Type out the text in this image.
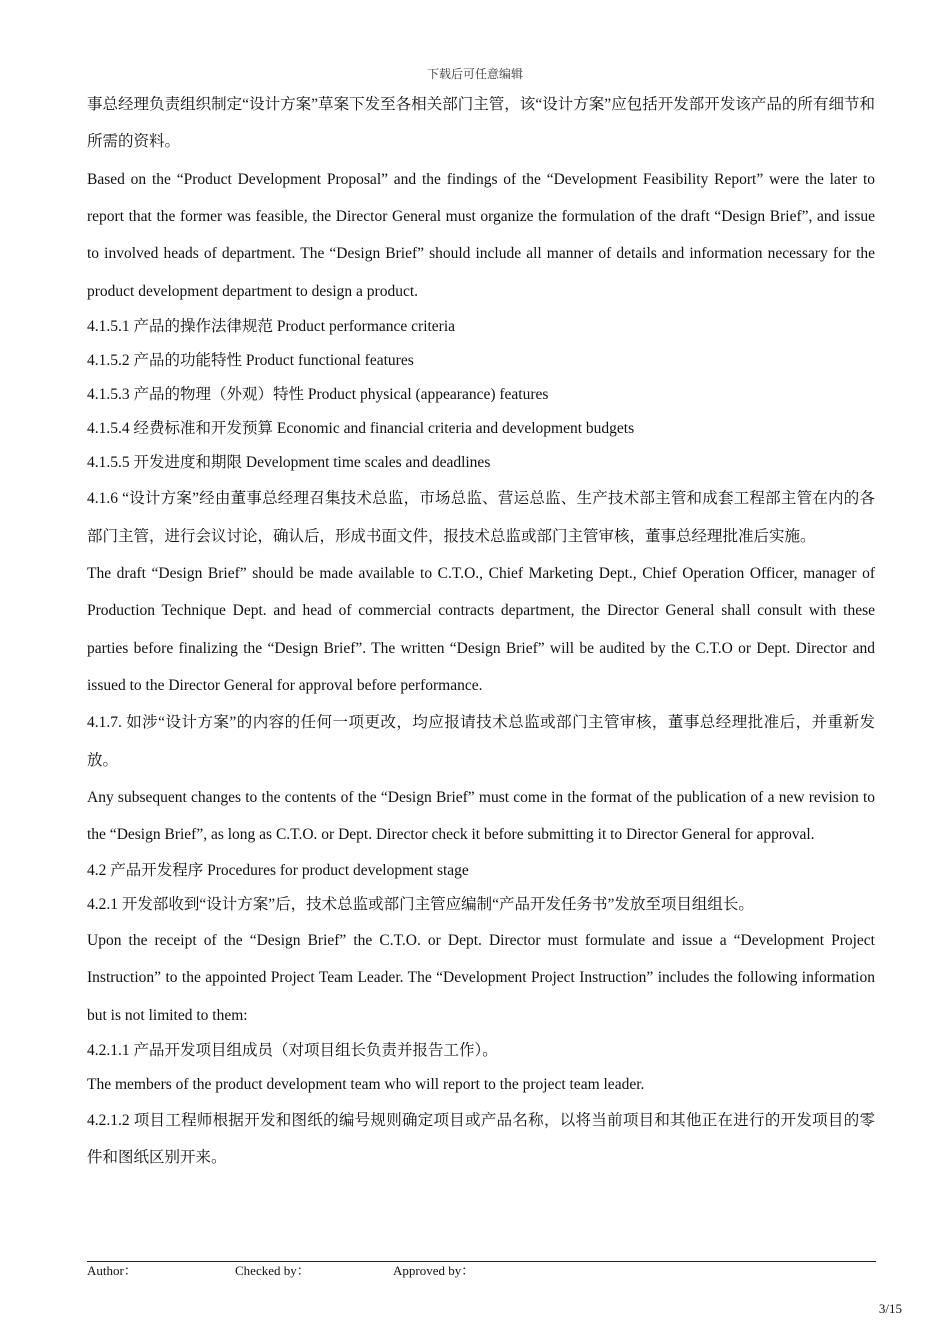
下载后可任意编辑

事总经理负责组织制定“设计方案”草案下发至各相关部门主管，该“设计方案”应包括开发部开发该产品的所有细节和所需的资料。

Based on the “Product Development Proposal” and the findings of the “Development Feasibility Report” were the later to report that the former was feasible, the Director General must organize the formulation of the draft “Design Brief”, and issue to involved heads of department. The “Design Brief” should include all manner of details and information necessary for the product development department to design a product.

4.1.5.1 产品的操作法律规范 Product performance criteria

4.1.5.2 产品的功能特性 Product functional features

4.1.5.3 产品的物理（外观）特性 Product physical (appearance) features

4.1.5.4 经费标准和开发预算 Economic and financial criteria and development budgets

4.1.5.5 开发进度和期限 Development time scales and deadlines

4.1.6 “设计方案”经由董事总经理召集技术总监，市场总监、营运总监、生产技术部主管和成套工程部主管在内的各部门主管，进行会议讨论，确认后，形成书面文件，报技术总监或部门主管审核，董事总经理批准后实施。

The draft “Design Brief” should be made available to C.T.O., Chief Marketing Dept., Chief Operation Officer, manager of Production Technique Dept. and head of commercial contracts department, the Director General shall consult with these parties before finalizing the “Design Brief”. The written “Design Brief” will be audited by the C.T.O or Dept. Director and issued to the Director General for approval before performance.

4.1.7. 如涉“设计方案”的内容的任何一项更改，均应报请技术总监或部门主管审核，董事总经理批准后，并重新发放。

Any subsequent changes to the contents of the “Design Brief” must come in the format of the publication of a new revision to the “Design Brief”, as long as C.T.O. or Dept. Director check it before submitting it to Director General for approval.

4.2 产品开发程序 Procedures for product development stage

4.2.1 开发部收到“设计方案”后，技术总监或部门主管应编制“产品开发任务书”发放至项目组组长。

Upon the receipt of the “Design Brief” the C.T.O. or Dept. Director must formulate and issue a “Development Project Instruction” to the appointed Project Team Leader. The “Development Project Instruction” includes the following information but is not limited to them:

4.2.1.1 产品开发项目组成员（对项目组长负责并报告工作）。

The members of the product development team who will report to the project team leader.

4.2.1.2 项目工程师根据开发和图纸的编号规则确定项目或产品名称，以将当前项目和其他正在进行的开发项目的零件和图纸区别开来。

Author：	Checked by：	Approved by：
3/15
